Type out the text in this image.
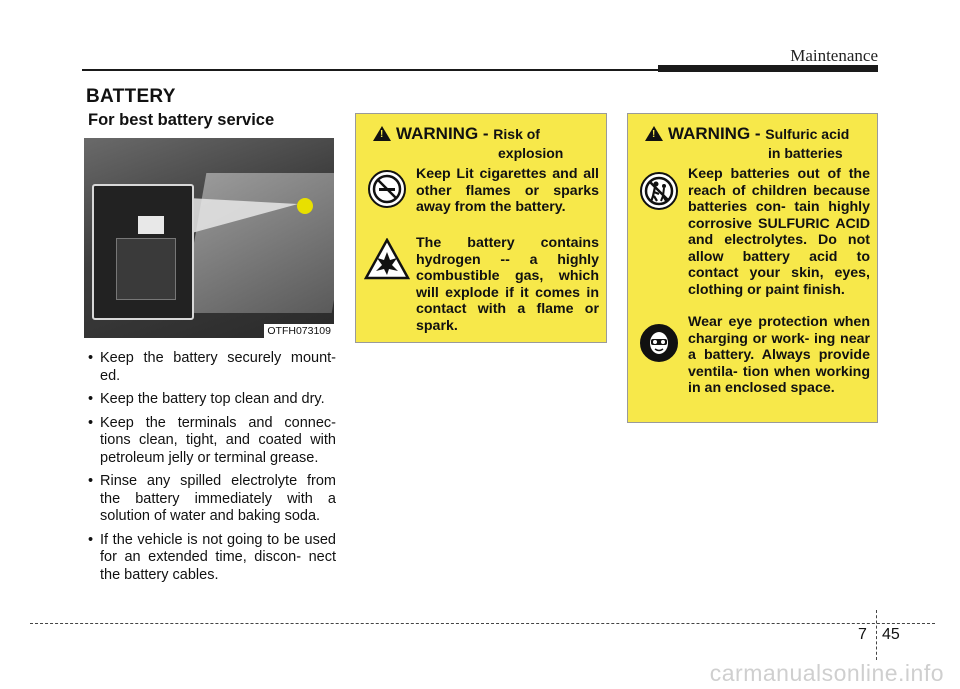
Maintenance
BATTERY
For best battery service
OTFH073109
• Keep the battery securely mount- ed.
• Keep the battery top clean and dry.
• Keep the terminals and connec- tions clean, tight, and coated with petroleum jelly or terminal grease.
• Rinse any spilled electrolyte from the battery immediately with a solution of water and baking soda.
• If the vehicle is not going to be used for an extended time, discon- nect the battery cables.
!
WARNING - Risk of
explosion

Keep Lit cigarettes and all other flames or sparks away from the battery.

The battery contains hydrogen -- a highly combustible gas, which will explode if it comes in contact with a flame or spark.

!
WARNING - Sulfuric acid
in batteries

Keep batteries out of the reach of children because batteries con- tain highly corrosive SULFURIC ACID and electrolytes. Do not allow battery acid to contact your skin, eyes, clothing or paint finish.

Wear eye protection when charging or work- ing near a battery. Always provide ventila- tion when working in an enclosed space.

7 45
carmanualsonline.info
